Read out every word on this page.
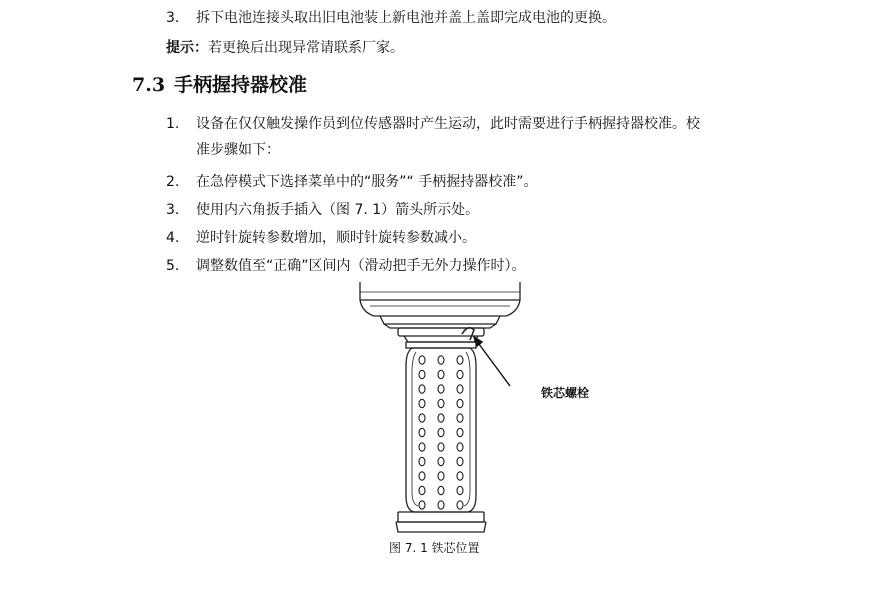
3. 拆下电池连接头取出旧电池装上新电池并盖上盖即完成电池的更换。
提示：若更换后出现异常请联系厂家。
7.3 手柄握持器校准
1. 设备在仅仅触发操作员到位传感器时产生运动，此时需要进行手柄握持器校准。校
准步骤如下：
2. 在急停模式下选择菜单中的“服务”“ 手柄握持器校准”。
3. 使用内六角扳手插入（图 7. 1）箭头所示处。
4. 逆时针旋转参数增加，顺时针旋转参数减小。
5. 调整数值至“正确”区间内（滑动把手无外力操作时）。
铁芯螺栓
图 7. 1 铁芯位置
